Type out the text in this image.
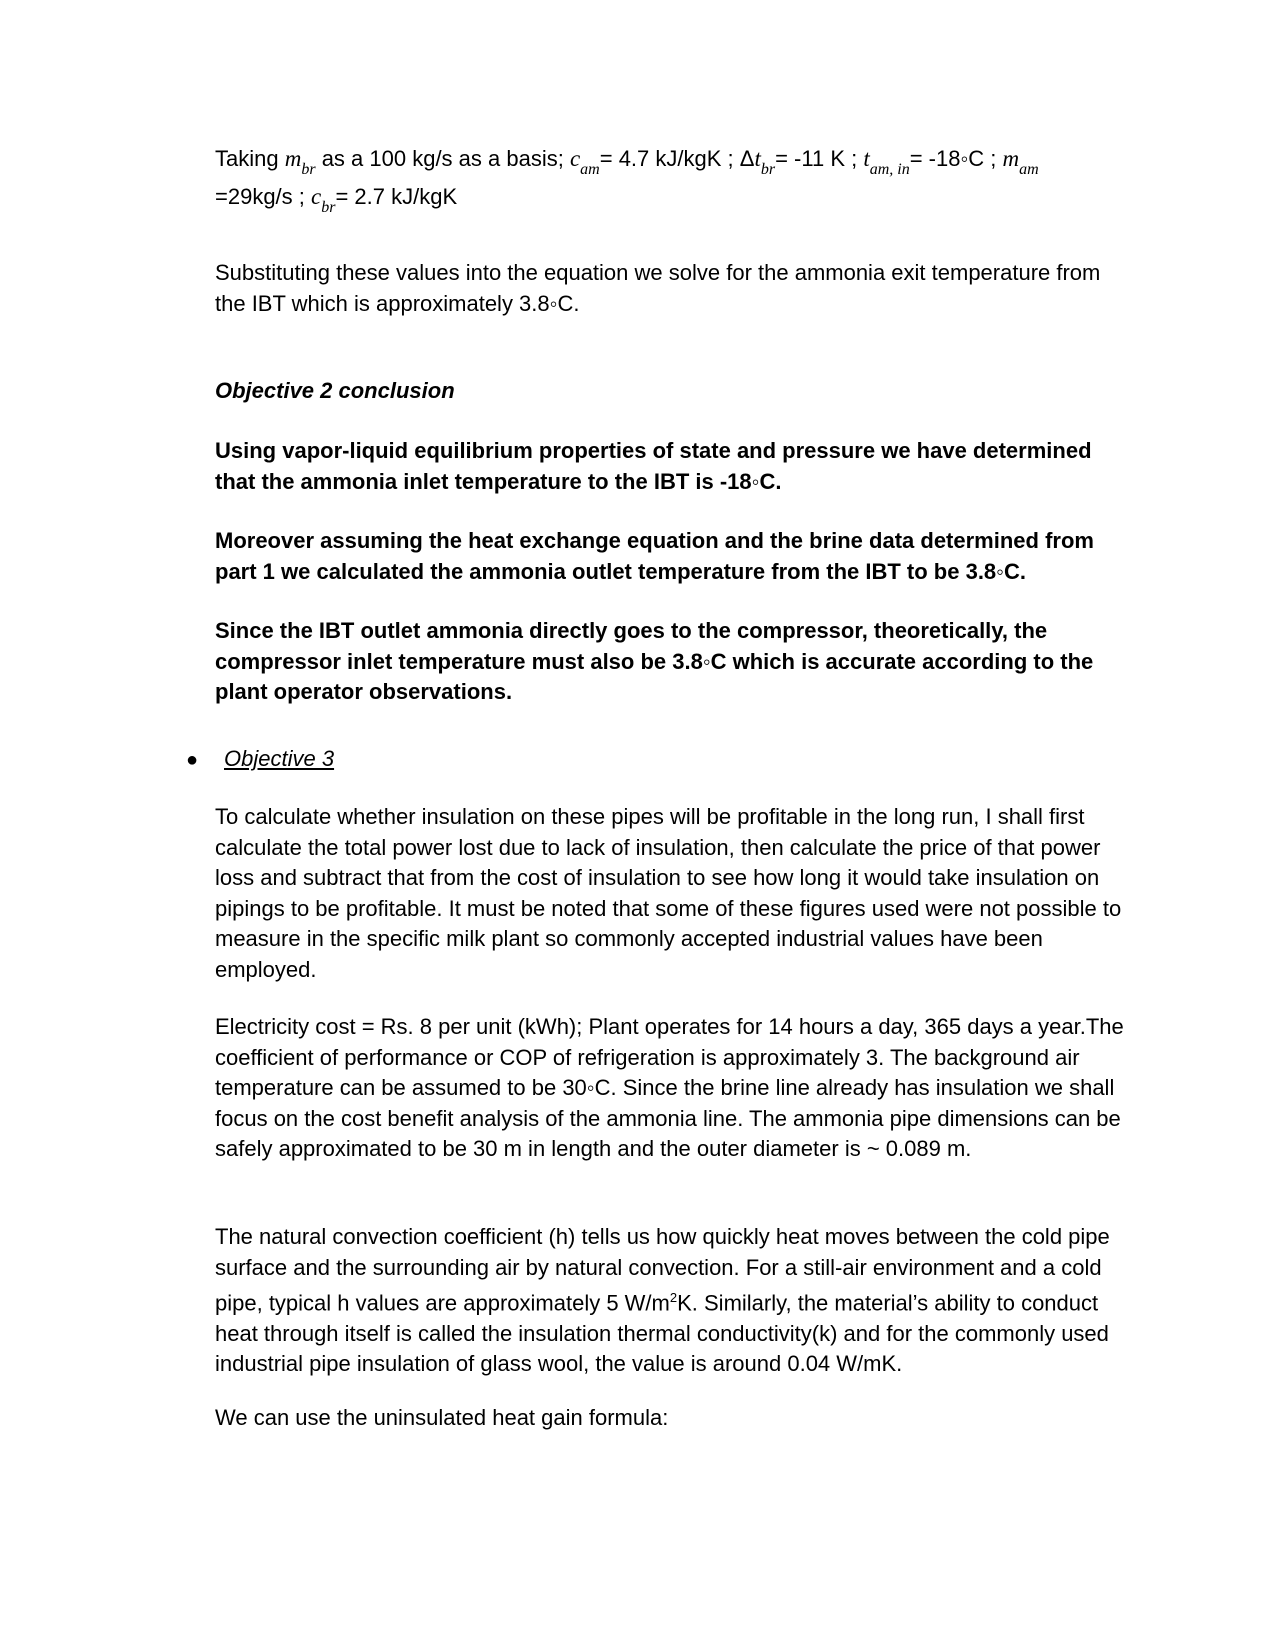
Taking $m_{br}$ as a 100 kg/s as a basis; $c_{am}= 4.7$ kJ/kgK ; $\Delta t_{br}= -11$ K ; $t_{am, in}=$ -18◦C ; $m_{am}$

=29kg/s ; $c_{br}= 2.7$ kJ/kgK

Substituting these values into the equation we solve for the ammonia exit temperature from the IBT which is approximately 3.8◦C.

Objective 2 conclusion

Using vapor-liquid equilibrium properties of state and pressure we have determined that the ammonia inlet temperature to the IBT is -18◦C.

Moreover assuming the heat exchange equation and the brine data determined from part 1 we calculated the ammonia outlet temperature from the IBT to be 3.8◦C.

Since the IBT outlet ammonia directly goes to the compressor, theoretically, the compressor inlet temperature must also be 3.8◦C which is accurate according to the plant operator observations.

● Objective 3

To calculate whether insulation on these pipes will be profitable in the long run, I shall first calculate the total power lost due to lack of insulation, then calculate the price of that power loss and subtract that from the cost of insulation to see how long it would take insulation on pipings to be profitable. It must be noted that some of these figures used were not possible to measure in the specific milk plant so commonly accepted industrial values have been employed.

Electricity cost = Rs. 8 per unit (kWh); Plant operates for 14 hours a day, 365 days a year.The coefficient of performance or COP of refrigeration is approximately 3. The background air temperature can be assumed to be 30◦C. Since the brine line already has insulation we shall focus on the cost benefit analysis of the ammonia line. The ammonia pipe dimensions can be safely approximated to be 30 m in length and the outer diameter is ~ 0.089 m.

The natural convection coefficient (h) tells us how quickly heat moves between the cold pipe surface and the surrounding air by natural convection. For a still-air environment and a cold pipe, typical h values are approximately 5 $W/m^2K$. Similarly, the material’s ability to conduct heat through itself is called the insulation thermal conductivity(k) and for the commonly used industrial pipe insulation of glass wool, the value is around 0.04 W/mK.

We can use the uninsulated heat gain formula:
